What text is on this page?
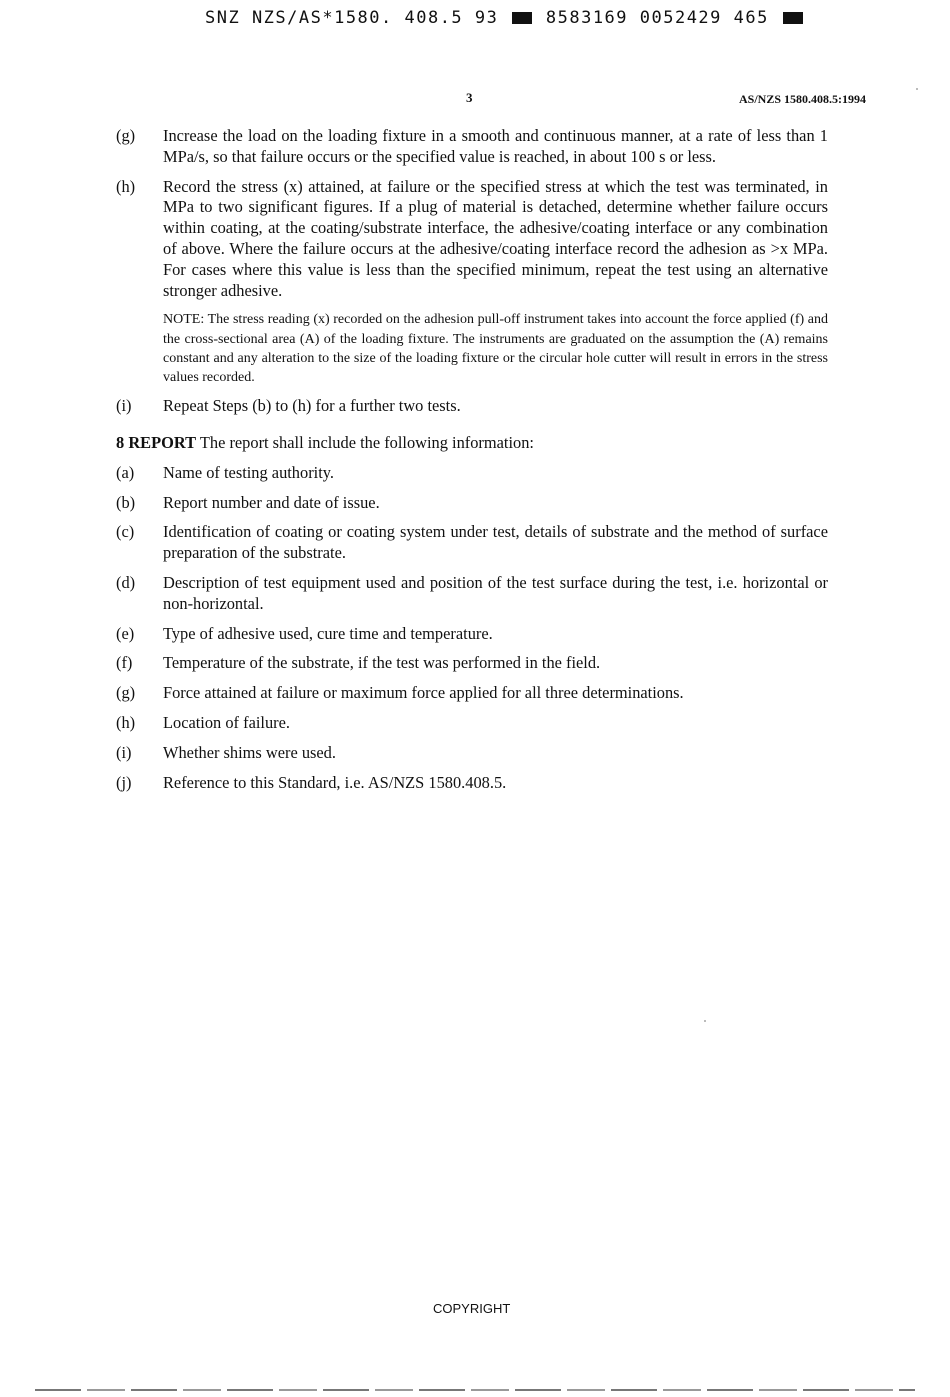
SNZ NZS/AS*1580. 408.5 93	8583169 0052429 465
3	AS/NZS 1580.408.5:1994
(g)	Increase the load on the loading fixture in a smooth and continuous manner, at a rate of less than 1 MPa/s, so that failure occurs or the specified value is reached, in about 100 s or less.
(h)	Record the stress (x) attained, at failure or the specified stress at which the test was terminated, in MPa to two significant figures. If a plug of material is detached, determine whether failure occurs within coating, at the coating/substrate interface, the adhesive/coating interface or any combination of above. Where the failure occurs at the adhesive/coating interface record the adhesion as >x MPa. For cases where this value is less than the specified minimum, repeat the test using an alternative stronger adhesive.
NOTE: The stress reading (x) recorded on the adhesion pull-off instrument takes into account the force applied (f) and the cross-sectional area (A) of the loading fixture. The instruments are graduated on the assumption the (A) remains constant and any alteration to the size of the loading fixture or the circular hole cutter will result in errors in the stress values recorded.
(i)	Repeat Steps (b) to (h) for a further two tests.
8 REPORT The report shall include the following information:
(a)	Name of testing authority.
(b)	Report number and date of issue.
(c)	Identification of coating or coating system under test, details of substrate and the method of surface preparation of the substrate.
(d)	Description of test equipment used and position of the test surface during the test, i.e. horizontal or non-horizontal.
(e)	Type of adhesive used, cure time and temperature.
(f)	Temperature of the substrate, if the test was performed in the field.
(g)	Force attained at failure or maximum force applied for all three determinations.
(h)	Location of failure.
(i)	Whether shims were used.
(j)	Reference to this Standard, i.e. AS/NZS 1580.408.5.
COPYRIGHT
